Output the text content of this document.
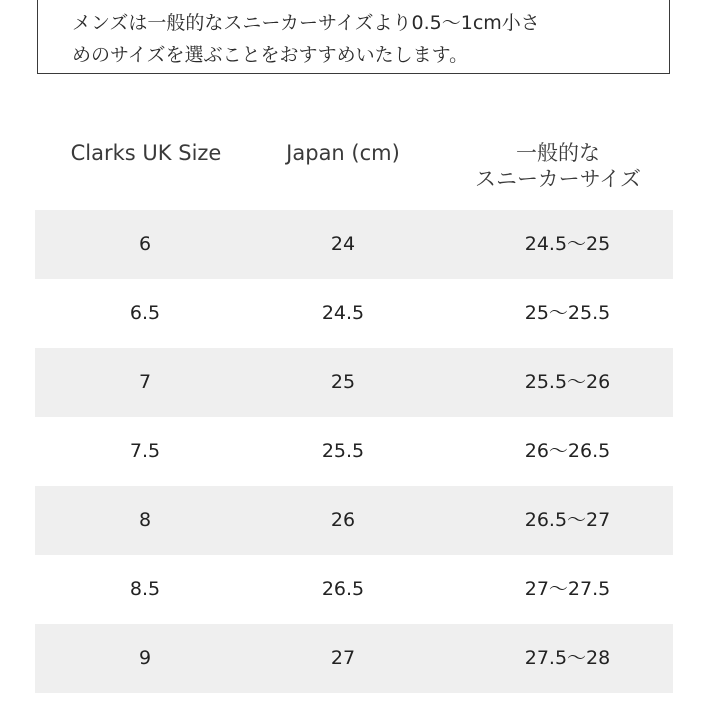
メンズは一般的なスニーカーサイズより0.5〜1cm小さ
めのサイズを選ぶことをおすすめいたします。
Clarks UK Size	Japan (cm)	一般的な
スニーカーサイズ
6	24	24.5〜25
6.5	24.5	25〜25.5
7	25	25.5〜26
7.5	25.5	26〜26.5
8	26	26.5〜27
8.5	26.5	27〜27.5
9	27	27.5〜28
